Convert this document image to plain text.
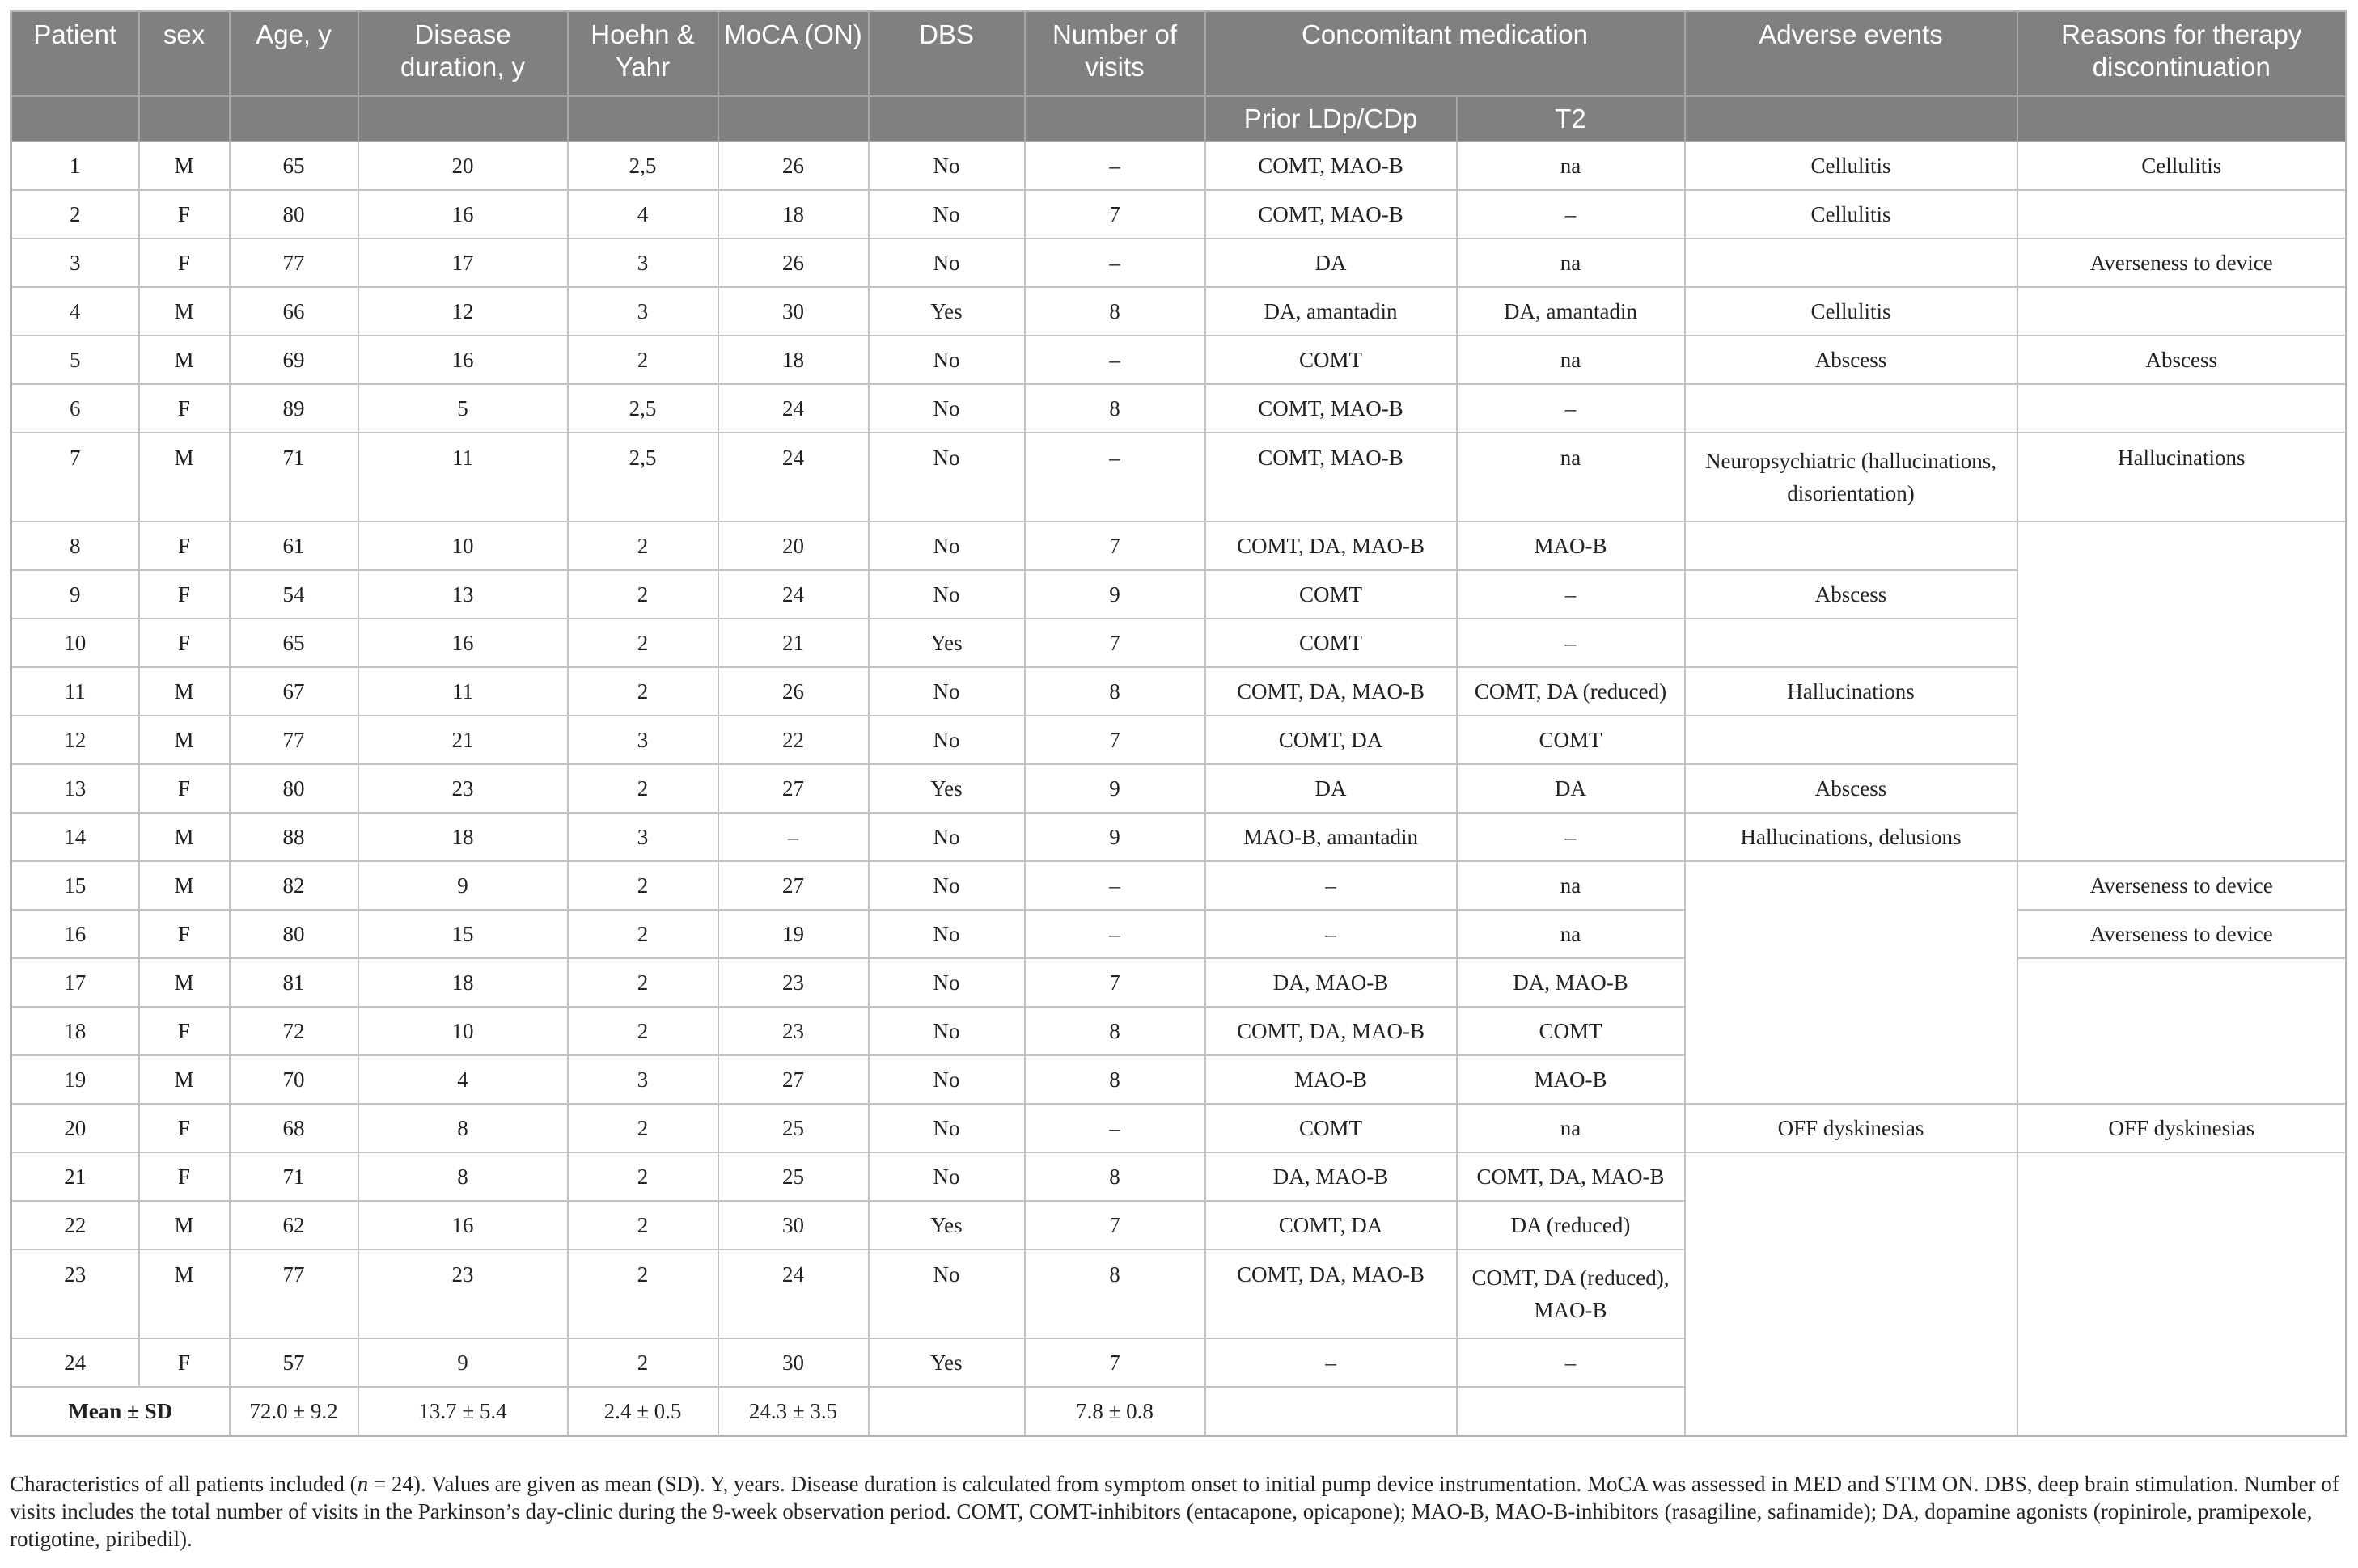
Patient	sex	Age, y	Disease duration, y	Hoehn & Yahr	MoCA (ON)	DBS	Number of visits	Concomitant medication		Adverse events	Reasons for therapy discontinuation
								Prior LDp/CDp	T2		
1	M	65	20	2,5	26	No	–	COMT, MAO-B	na	Cellulitis	Cellulitis
2	F	80	16	4	18	No	7	COMT, MAO-B	–	Cellulitis	
3	F	77	17	3	26	No	–	DA	na		Averseness to device
4	M	66	12	3	30	Yes	8	DA, amantadin	DA, amantadin	Cellulitis	
5	M	69	16	2	18	No	–	COMT	na	Abscess	Abscess
6	F	89	5	2,5	24	No	8	COMT, MAO-B	–		
7	M	71	11	2,5	24	No	–	COMT, MAO-B	na	Neuropsychiatric (hallucinations, disorientation)	Hallucinations
8	F	61	10	2	20	No	7	COMT, DA, MAO-B	MAO-B		
9	F	54	13	2	24	No	9	COMT	–	Abscess	
10	F	65	16	2	21	Yes	7	COMT	–		
11	M	67	11	2	26	No	8	COMT, DA, MAO-B	COMT, DA (reduced)	Hallucinations	
12	M	77	21	3	22	No	7	COMT, DA	COMT		
13	F	80	23	2	27	Yes	9	DA	DA	Abscess	
14	M	88	18	3	–	No	9	MAO-B, amantadin	–	Hallucinations, delusions	
15	M	82	9	2	27	No	–	–	na		Averseness to device
16	F	80	15	2	19	No	–	–	na		Averseness to device
17	M	81	18	2	23	No	7	DA, MAO-B	DA, MAO-B		
18	F	72	10	2	23	No	8	COMT, DA, MAO-B	COMT		
19	M	70	4	3	27	No	8	MAO-B	MAO-B		
20	F	68	8	2	25	No	–	COMT	na	OFF dyskinesias	OFF dyskinesias
21	F	71	8	2	25	No	8	DA, MAO-B	COMT, DA, MAO-B		
22	M	62	16	2	30	Yes	7	COMT, DA	DA (reduced)		
23	M	77	23	2	24	No	8	COMT, DA, MAO-B	COMT, DA (reduced), MAO-B		
24	F	57	9	2	30	Yes	7	–	–		
Mean ± SD		72.0 ± 9.2	13.7 ± 5.4	2.4 ± 0.5	24.3 ± 3.5		7.8 ± 0.8				
Characteristics of all patients included (n = 24). Values are given as mean (SD). Y, years. Disease duration is calculated from symptom onset to initial pump device instrumentation. MoCA was assessed in MED and STIM ON. DBS, deep brain stimulation. Number of visits includes the total number of visits in the Parkinson’s day-clinic during the 9-week observation period. COMT, COMT-inhibitors (entacapone, opicapone); MAO-B, MAO-B-inhibitors (rasagiline, safinamide); DA, dopamine agonists (ropinirole, pramipexole, rotigotine, piribedil).
